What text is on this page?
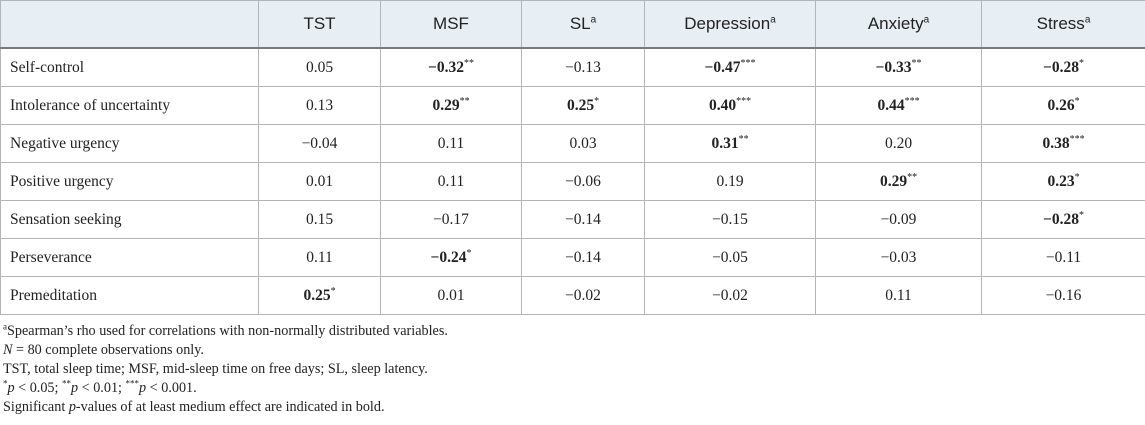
	TST	MSF	$SL^a$	Depression$^a$	Anxiety$^a$	Stress$^a$
Self-control	0.05	−0.32**	−0.13	−0.47***	−0.33**	−0.28*
Intolerance of uncertainty	0.13	0.29**	0.25*	0.40***	0.44***	0.26*
Negative urgency	−0.04	0.11	0.03	0.31**	0.20	0.38***
Positive urgency	0.01	0.11	−0.06	0.19	0.29**	0.23*
Sensation seeking	0.15	−0.17	−0.14	−0.15	−0.09	−0.28*
Perseverance	0.11	−0.24*	−0.14	−0.05	−0.03	−0.11
Premeditation	0.25*	0.01	−0.02	−0.02	0.11	−0.16
$^a$Spearman’s rho used for correlations with non-normally distributed variables.
N = 80 complete observations only.
TST, total sleep time; MSF, mid-sleep time on free days; SL, sleep latency.
*p < 0.05; **p < 0.01; ***p < 0.001.
Significant p-values of at least medium effect are indicated in bold.
